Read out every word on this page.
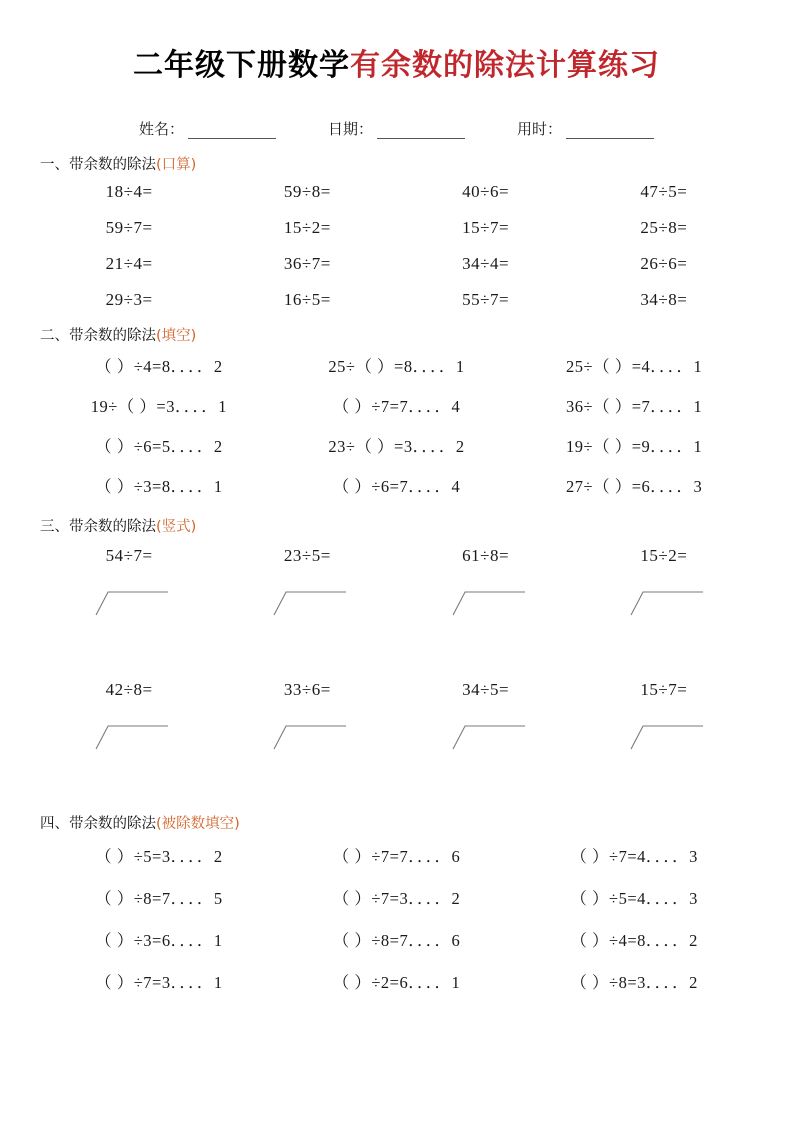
二年级下册数学有余数的除法计算练习
姓名：	日期：	用时：
一、带余数的除法(口算)
18÷4=	59÷8=	40÷6=	47÷5=
59÷7=	15÷2=	15÷7=	25÷8=
21÷4=	36÷7=	34÷4=	26÷6=
29÷3=	16÷5=	55÷7=	34÷8=
二、带余数的除法(填空)
（ ）÷4=8．．．．2	25÷（ ）=8．．．．1	25÷（ ）=4．．．．1
19÷（ ）=3．．．．1	（ ）÷7=7．．．．4	36÷（ ）=7．．．．1
（ ）÷6=5．．．．2	23÷（ ）=3．．．．2	19÷（ ）=9．．．．1
（ ）÷3=8．．．．1	（ ）÷6=7．．．．4	27÷（ ）=6．．．．3
三、带余数的除法(竖式)
54÷7=	23÷5=	61÷8=	15÷2=
42÷8=	33÷6=	34÷5=	15÷7=
四、带余数的除法(被除数填空)
（ ）÷5=3．．．．2	（ ）÷7=7．．．．6	（ ）÷7=4．．．．3
（ ）÷8=7．．．．5	（ ）÷7=3．．．．2	（ ）÷5=4．．．．3
（ ）÷3=6．．．．1	（ ）÷8=7．．．．6	（ ）÷4=8．．．．2
（ ）÷7=3．．．．1	（ ）÷2=6．．．．1	（ ）÷8=3．．．．2
